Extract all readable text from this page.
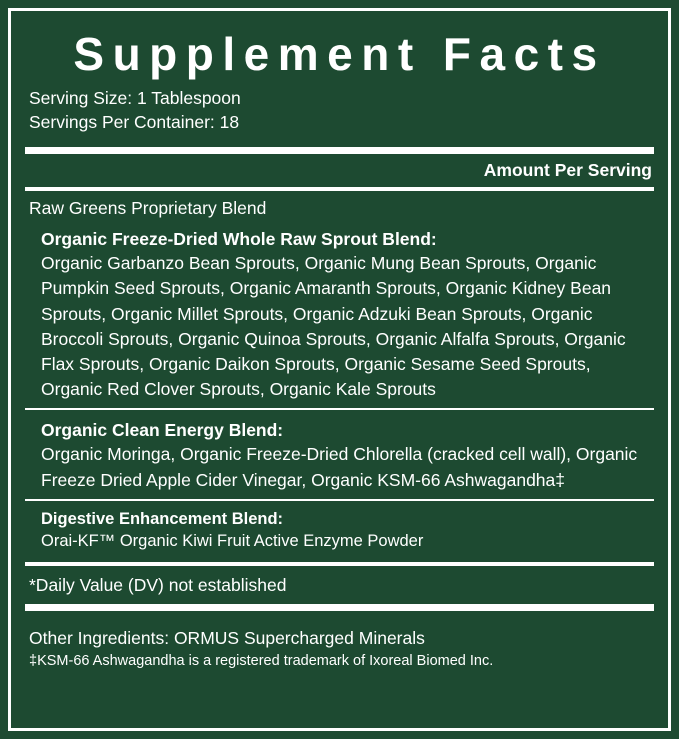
Supplement Facts
Serving Size: 1 Tablespoon
Servings Per Container: 18
Amount Per Serving
Raw Greens Proprietary Blend
Organic Freeze-Dried Whole Raw Sprout Blend:
Organic Garbanzo Bean Sprouts, Organic Mung Bean Sprouts, Organic Pumpkin Seed Sprouts, Organic Amaranth Sprouts, Organic Kidney Bean Sprouts, Organic Millet Sprouts, Organic Adzuki Bean Sprouts, Organic Broccoli Sprouts, Organic Quinoa Sprouts, Organic Alfalfa Sprouts, Organic Flax Sprouts, Organic Daikon Sprouts, Organic Sesame Seed Sprouts, Organic Red Clover Sprouts, Organic Kale Sprouts
Organic Clean Energy Blend:
Organic Moringa, Organic Freeze-Dried Chlorella (cracked cell wall), Organic Freeze Dried Apple Cider Vinegar, Organic KSM-66 Ashwagandha‡
Digestive Enhancement Blend:
Orai-KF™ Organic Kiwi Fruit Active Enzyme Powder
*Daily Value (DV) not established
Other Ingredients: ORMUS Supercharged Minerals
‡KSM-66 Ashwagandha is a registered trademark of Ixoreal Biomed Inc.
